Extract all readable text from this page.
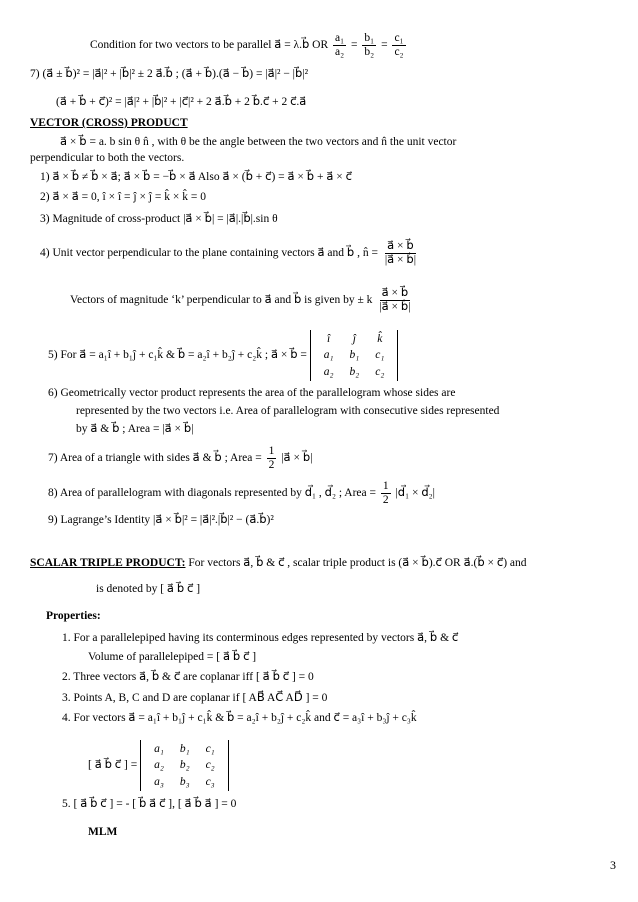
Condition for two vectors to be parallel a⃗ = λ.b⃗ OR $\frac{\text{a₁}}{\text{a₂}} = \frac{\text{b₁}}{\text{b₂}} = \frac{\text{c₁}}{\text{c₂}}$
7) (a⃗ ± b⃗)² = |a⃗|² + |b⃗|² ± 2 a⃗.b⃗ ; (a⃗ + b⃗).(a⃗ − b⃗) = |a⃗|² − |b⃗|²
(a⃗ + b⃗ + c⃗)² = |a⃗|² + |b⃗|² + |c⃗|² + 2 a⃗.b⃗ + 2 b⃗.c⃗ + 2 c⃗.a⃗
VECTOR (CROSS) PRODUCT
a⃗ × b⃗ = a. b sin θ n̂ , with θ be the angle between the two vectors and n̂ the unit vector
perpendicular to both the vectors.
1) a⃗ × b⃗ ≠ b⃗ × a⃗; a⃗ × b⃗ = −b⃗ × a⃗ Also a⃗ × (b⃗ + c⃗) = a⃗ × b⃗ + a⃗ × c⃗
2) a⃗ × a⃗ = 0, î × î = ĵ × ĵ = k̂ × k̂ = 0
3) Magnitude of cross-product |a⃗ × b⃗| = |a⃗|.|b⃗|.sin θ
4) Unit vector perpendicular to the plane containing vectors a⃗ and b⃗ , n̂ = $\frac{a⃗ \times b⃗}{|a⃗ \times b⃗|}$
Vectors of magnitude ‘k’ perpendicular to a⃗ and b⃗ is given by ± k $\frac{a⃗ \times b⃗}{|a⃗ \times b⃗|}$
5) For a⃗ = a₁î + b₁ĵ + c₁k̂ & b⃗ = a₂î + b₂ĵ + c₂k̂ ; a⃗ × b⃗ =
î	ĵ	k̂
a₁	b₁	c₁
a₂	b₂	c₂
6) Geometrically vector product represents the area of the parallelogram whose sides are
represented by the two vectors i.e. Area of parallelogram with consecutive sides represented
by a⃗ & b⃗ ; Area = |a⃗ × b⃗|
7) Area of a triangle with sides a⃗ & b⃗ ; Area = $\frac{1}{2}$ |a⃗ × b⃗|
8) Area of parallelogram with diagonals represented by d⃗₁ , d⃗₂ ; Area = $\frac{1}{2}$ |d⃗₁ × d⃗₂|
9) Lagrange’s Identity |a⃗ × b⃗|² = |a⃗|².|b⃗|² − (a⃗.b⃗)²
SCALAR TRIPLE PRODUCT: For vectors a⃗, b⃗ & c⃗ , scalar triple product is (a⃗ × b⃗).c⃗ OR a⃗.(b⃗ × c⃗) and
is denoted by [ a⃗ b⃗ c⃗ ]
Properties:
1. For a parallelepiped having its conterminous edges represented by vectors a⃗, b⃗ & c⃗
Volume of parallelepiped = [ a⃗ b⃗ c⃗ ]
2. Three vectors a⃗, b⃗ & c⃗ are coplanar iff [ a⃗ b⃗ c⃗ ] = 0
3. Points A, B, C and D are coplanar if [ AB⃗ AC⃗ AD⃗ ] = 0
4. For vectors a⃗ = a₁î + b₁ĵ + c₁k̂ & b⃗ = a₂î + b₂ĵ + c₂k̂ and c⃗ = a₃î + b₃ĵ + c₃k̂
[ a⃗ b⃗ c⃗ ] =
a₁	b₁	c₁
a₂	b₂	c₂
a₃	b₃	c₃
5. [ a⃗ b⃗ c⃗ ] = - [ b⃗ a⃗ c⃗ ], [ a⃗ b⃗ a⃗ ] = 0
MLM
3
